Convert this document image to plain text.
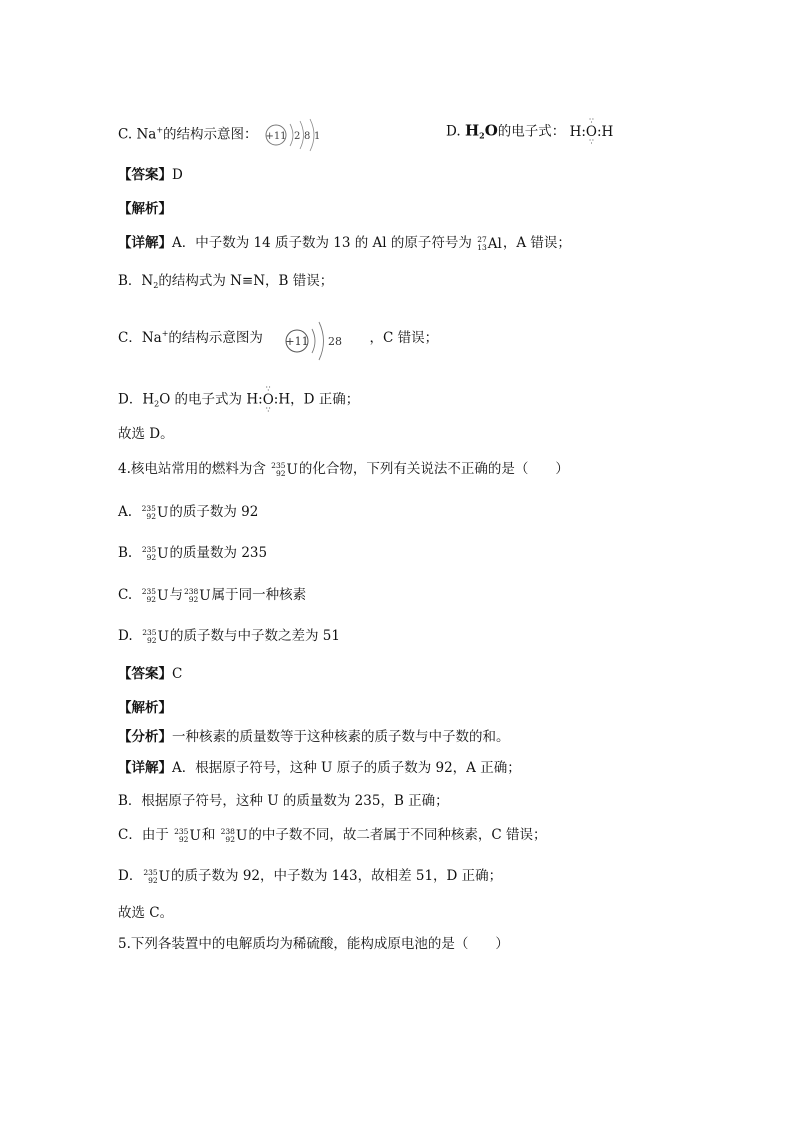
C. Na+的结构示意图： +11 2 8 1	D. $H_2O$的电子式： H:
∵
O
∵
:H
【答案】D
【解析】
【详解】A．中子数为 14 质子数为 13 的 Al 的原子符号为 27
13 Al ，A 错误；
B．$N_2$的结构式为 N≡N，B 错误；
C．Na+的结构示意图为 +11 28 ，C 错误；
D．$H_2O$ 的电子式为 H:
∵
O
∵
:H，D 正确；
故选 D。
4.核电站常用的燃料为含 235
92 U 的化合物，下列有关说法不正确的是（　　）
A. 235
92 U 的质子数为 92
B. 235
92 U 的质量数为 235
C. 235
92 U 与 238
92 U 属于同一种核素
D. 235
92 U 的质子数与中子数之差为 51
【答案】C
【解析】
【分析】一种核素的质量数等于这种核素的质子数与中子数的和。
【详解】A．根据原子符号，这种 U 原子的质子数为 92，A 正确；
B．根据原子符号，这种 U 的质量数为 235，B 正确；
C．由于 235
92 U 和 238
92 U 的中子数不同，故二者属于不同种核素，C 错误；
D． 235
92 U 的质子数为 92，中子数为 143，故相差 51，D 正确；
故选 C。
5.下列各装置中的电解质均为稀硫酸，能构成原电池的是（　　）
